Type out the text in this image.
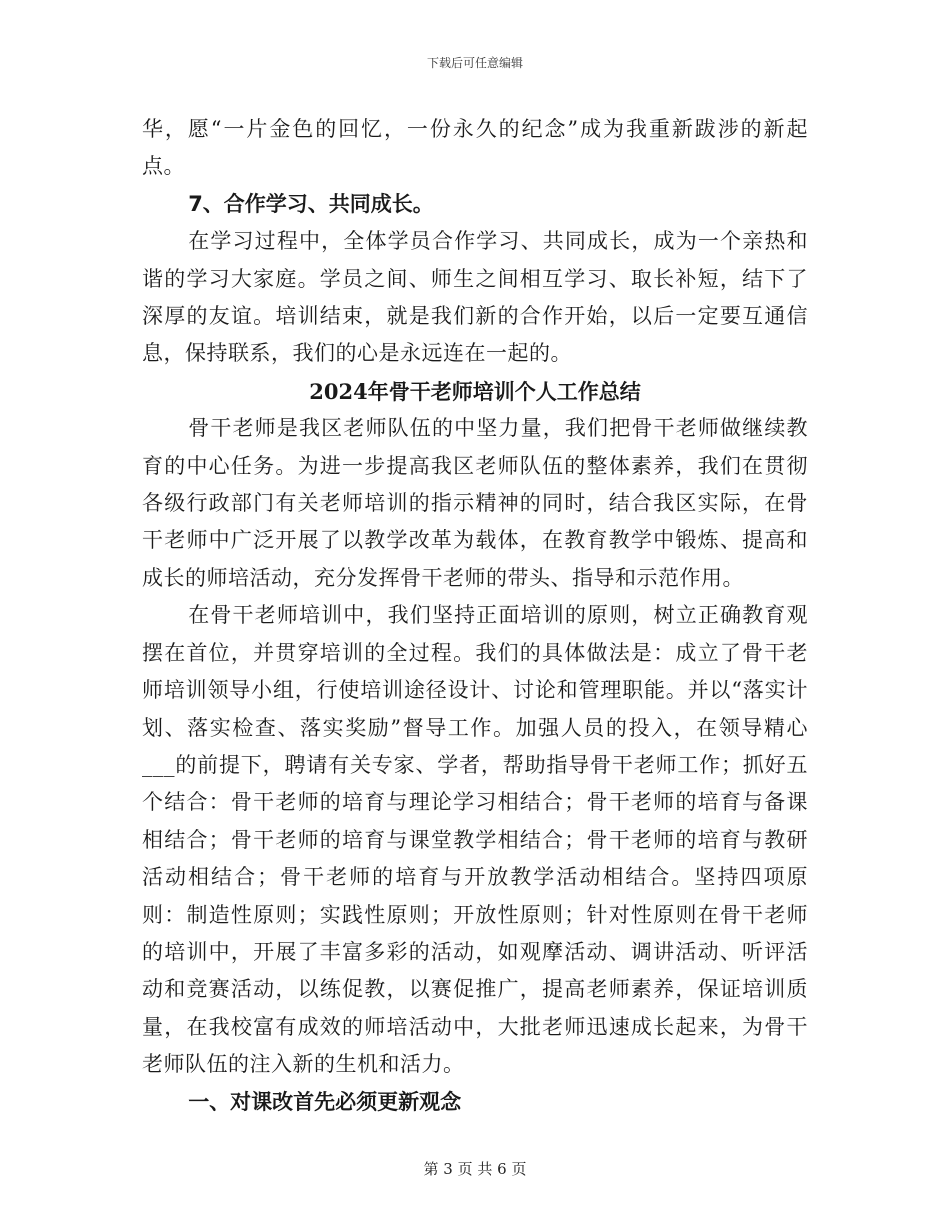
下载后可任意编辑

华，愿“一片金色的回忆，一份永久的纪念”成为我重新跋涉的新起点。

7、合作学习、共同成长。

在学习过程中，全体学员合作学习、共同成长，成为一个亲热和谐的学习大家庭。学员之间、师生之间相互学习、取长补短，结下了深厚的友谊。培训结束，就是我们新的合作开始，以后一定要互通信息，保持联系，我们的心是永远连在一起的。

2024年骨干老师培训个人工作总结

骨干老师是我区老师队伍的中坚力量，我们把骨干老师做继续教育的中心任务。为进一步提高我区老师队伍的整体素养，我们在贯彻各级行政部门有关老师培训的指示精神的同时，结合我区实际，在骨干老师中广泛开展了以教学改革为载体，在教育教学中锻炼、提高和成长的师培活动，充分发挥骨干老师的带头、指导和示范作用。

在骨干老师培训中，我们坚持正面培训的原则，树立正确教育观摆在首位，并贯穿培训的全过程。我们的具体做法是：成立了骨干老师培训领导小组，行使培训途径设计、讨论和管理职能。并以“落实计划、落实检查、落实奖励”督导工作。加强人员的投入，在领导精心___的前提下，聘请有关专家、学者，帮助指导骨干老师工作；抓好五个结合：骨干老师的培育与理论学习相结合；骨干老师的培育与备课相结合；骨干老师的培育与课堂教学相结合；骨干老师的培育与教研活动相结合；骨干老师的培育与开放教学活动相结合。坚持四项原则：制造性原则；实践性原则；开放性原则；针对性原则在骨干老师的培训中，开展了丰富多彩的活动，如观摩活动、调讲活动、听评活动和竞赛活动，以练促教，以赛促推广，提高老师素养，保证培训质量，在我校富有成效的师培活动中，大批老师迅速成长起来，为骨干老师队伍的注入新的生机和活力。

一、对课改首先必须更新观念

第 3 页 共 6 页
